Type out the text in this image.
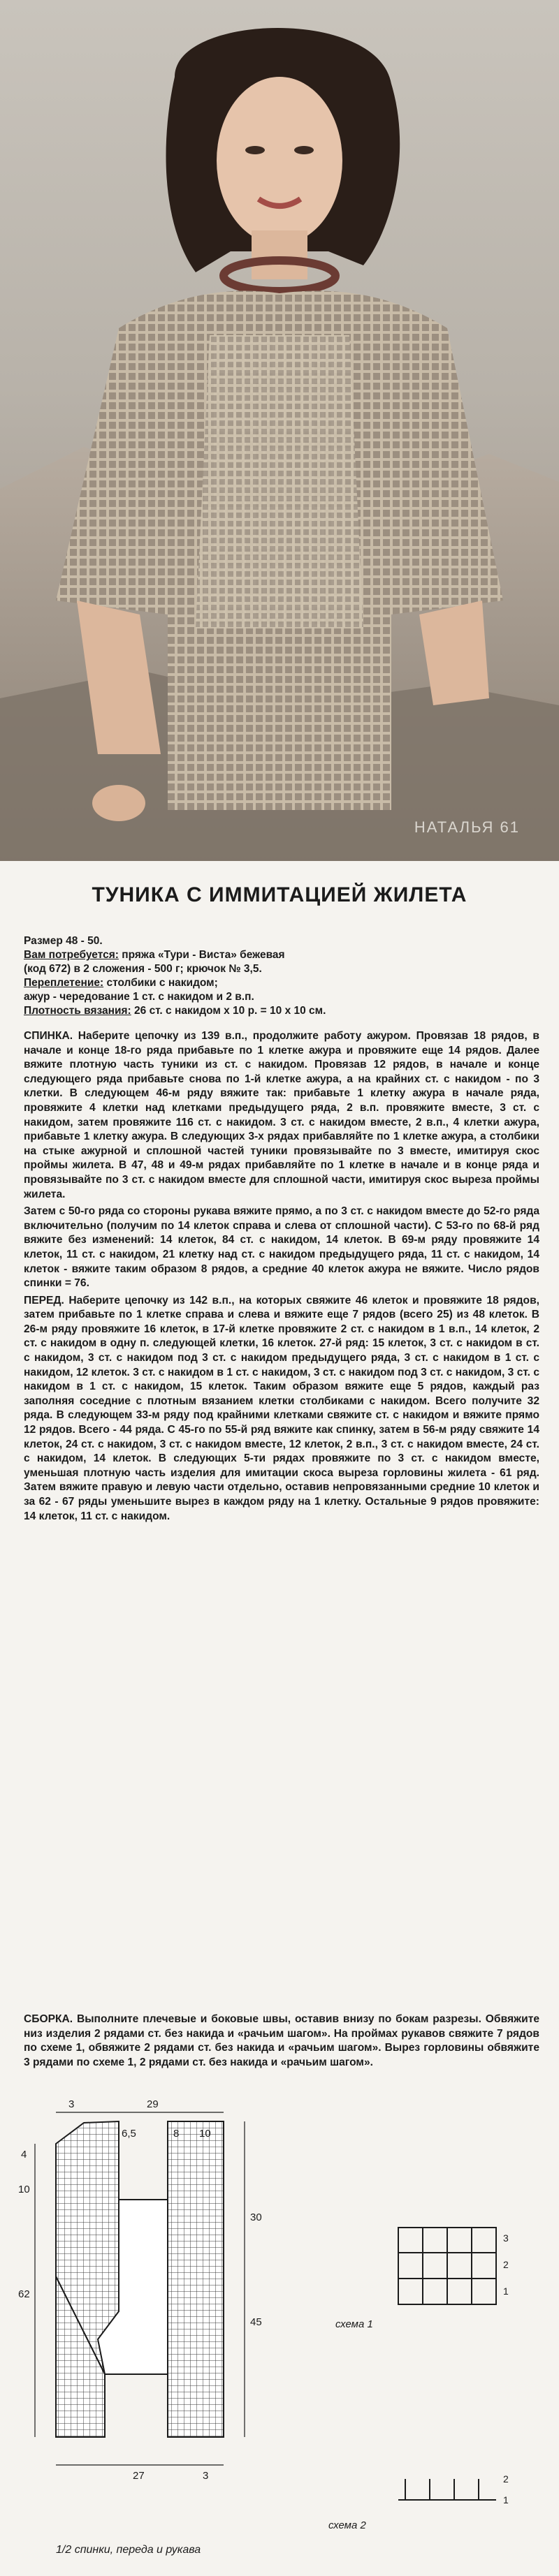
НАТАЛЬЯ 61
ТУНИКА С ИММИТАЦИЕЙ ЖИЛЕТА

Размер 48 - 50.

Вам потребуется: пряжа «Тури - Виста» бежевая

(код 672) в 2 сложения - 500 г; крючок № 3,5.

Переплетение: столбики с накидом;

ажур - чередование 1 ст. с накидом и 2 в.п.

Плотность вязания: 26 ст. с накидом х 10 р. = 10 х 10 см.

СПИНКА. Наберите цепочку из 139 в.п., продолжите работу ажуром. Провязав 18 рядов, в начале и конце 18-го ряда прибавьте по 1 клетке ажура и провяжите еще 14 рядов. Далее вяжите плотную часть туники из ст. с накидом. Провязав 12 рядов, в начале и конце следующего ряда прибавьте снова по 1-й клетке ажура, а на крайних ст. с накидом - по 3 клетки. В следующем 46-м ряду вяжите так: прибавьте 1 клетку ажура в начале ряда, провяжите 4 клетки над клетками предыдущего ряда, 2 в.п. провяжите вместе, 3 ст. с накидом, затем провяжите 116 ст. с накидом. 3 ст. с накидом вместе, 2 в.п., 4 клетки ажура, прибавьте 1 клетку ажура. В следующих 3-х рядах прибавляйте по 1 клетке ажура, а столбики на стыке ажурной и сплошной частей туники провязывайте по 3 вместе, имитируя скос проймы жилета. В 47, 48 и 49-м рядах прибавляйте по 1 клетке в начале и в конце ряда и провязывайте по 3 ст. с накидом вместе для сплошной части, имитируя скос выреза проймы жилета.

Затем с 50-го ряда со стороны рукава вяжите прямо, а по 3 ст. с накидом вместе до 52-го ряда включительно (получим по 14 клеток справа и слева от сплошной части). С 53-го по 68-й ряд вяжите без изменений: 14 клеток, 84 ст. с накидом, 14 клеток. В 69-м ряду провяжите 14 клеток, 11 ст. с накидом, 21 клетку над ст. с накидом предыдущего ряда, 11 ст. с накидом, 14 клеток - вяжите таким образом 8 рядов, а средние 40 клеток ажура не вяжите. Число рядов спинки = 76.

ПЕРЕД. Наберите цепочку из 142 в.п., на которых свяжите 46 клеток и провяжите 18 рядов, затем прибавьте по 1 клетке справа и слева и вяжите еще 7 рядов (всего 25) из 48 клеток. В 26-м ряду провяжите 16 клеток, в 17-й клетке провяжите 2 ст. с накидом в 1 в.п., 14 клеток, 2 ст. с накидом в одну п. следующей клетки, 16 клеток. 27-й ряд: 15 клеток, 3 ст. с накидом в ст. с накидом, 3 ст. с накидом под 3 ст. с накидом предыдущего ряда, 3 ст. с накидом в 1 ст. с накидом, 12 клеток. 3 ст. с накидом в 1 ст. с накидом, 3 ст. с накидом под 3 ст. с накидом, 3 ст. с накидом в 1 ст. с накидом, 15 клеток. Таким образом вяжите еще 5 рядов, каждый раз заполняя соседние с плотным вязанием клетки столбиками с накидом. Всего получите 32 ряда. В следующем 33-м ряду под крайними клетками свяжите ст. с накидом и вяжите прямо 12 рядов. Всего - 44 ряда. С 45-го по 55-й ряд вяжите как спинку, затем в 56-м ряду свяжите 14 клеток, 24 ст. с накидом, 3 ст. с накидом вместе, 12 клеток, 2 в.п., 3 ст. с накидом вместе, 24 ст. с накидом, 14 клеток. В следующих 5-ти рядах провяжите по 3 ст. с накидом вместе, уменьшая плотную часть изделия для имитации скоса выреза горловины жилета - 61 ряд. Затем вяжите правую и левую части отдельно, оставив непровязанными средние 10 клеток и за 62 - 67 ряды уменьшите вырез в каждом ряду на 1 клетку. Остальные 9 рядов провяжите: 14 клеток, 11 ст. с накидом.

СБОРКА. Выполните плечевые и боковые швы, оставив внизу по бокам разрезы. Обвяжите низ изделия 2 рядами ст. без накида и «рачьим шагом». На проймах рукавов свяжите 7 рядов по схеме 1, обвяжите 2 рядами ст. без накида и «рачьим шагом». Вырез горловины обвяжите 3 рядами по схеме 1, 2 рядами ст. без накида и «рачьим шагом».
3	29
6,5	8 10
4
10
62
45
30
27	3
1/2 спинки, переда и рукава
3
2
1
схема 1
2
1
схема 2
